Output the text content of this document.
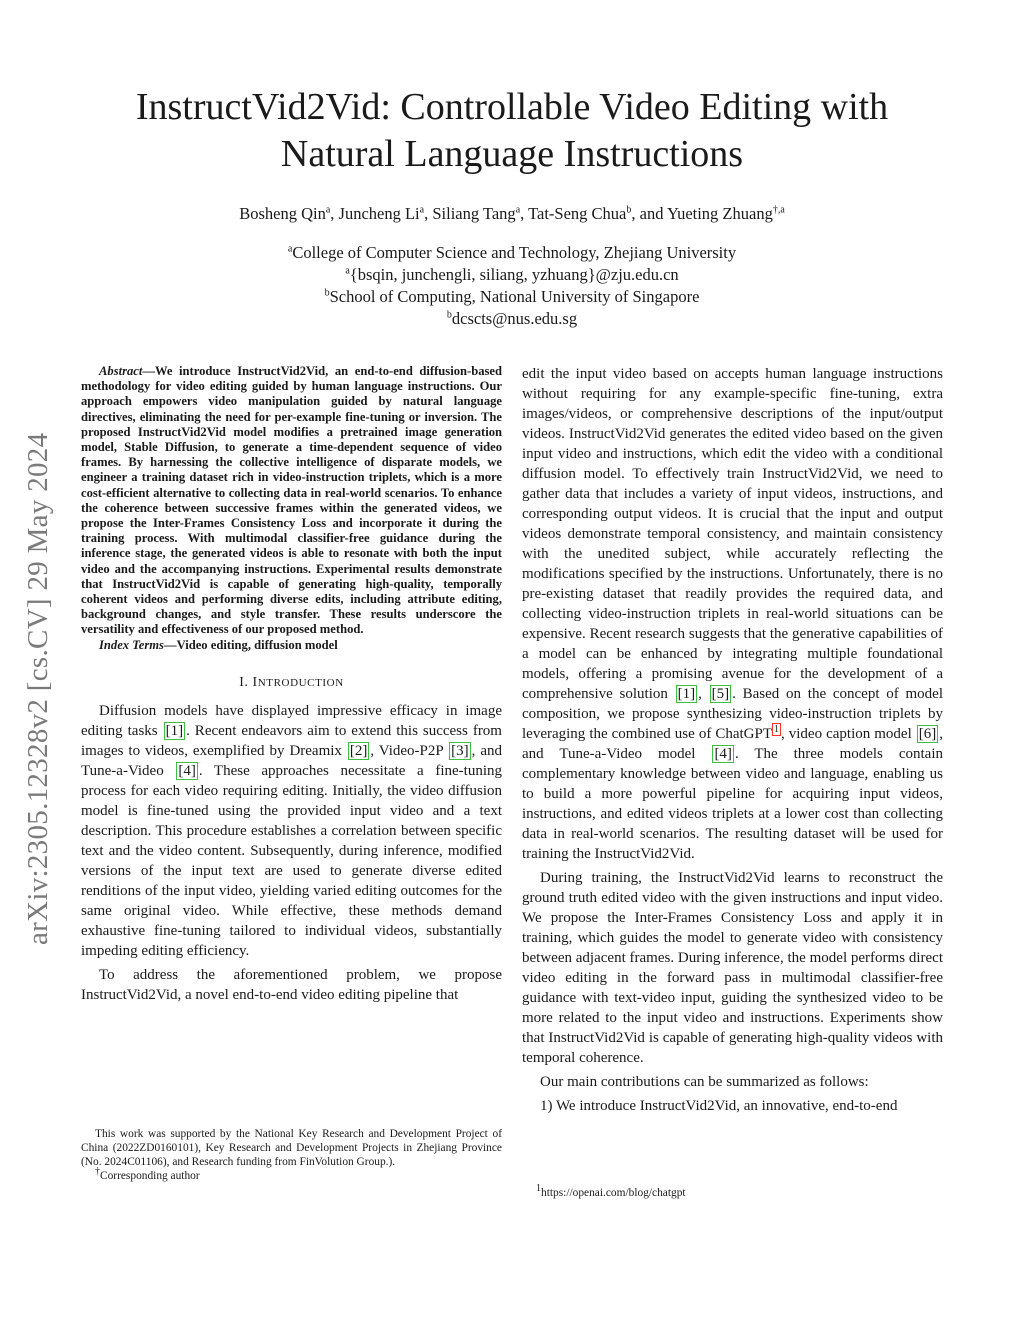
arXiv:2305.12328v2 [cs.CV] 29 May 2024
InstructVid2Vid: Controllable Video Editing with
Natural Language Instructions
Bosheng Qin$^a$, Juncheng Li$^a$, Siliang Tang$^a$, Tat-Seng Chua$^b$, and Yueting Zhuang$^{\dagger,a}$
$^a$College of Computer Science and Technology, Zhejiang University
$^a${bsqin, junchengli, siliang, yzhuang}@zju.edu.cn
$^b$School of Computing, National University of Singapore
$^b$dcscts@nus.edu.sg

Abstract—We introduce InstructVid2Vid, an end-to-end diffusion-based methodology for video editing guided by human language instructions. Our approach empowers video manipulation guided by natural language directives, eliminating the need for per-example fine-tuning or inversion. The proposed InstructVid2Vid model modifies a pretrained image generation model, Stable Diffusion, to generate a time-dependent sequence of video frames. By harnessing the collective intelligence of disparate models, we engineer a training dataset rich in video-instruction triplets, which is a more cost-efficient alternative to collecting data in real-world scenarios. To enhance the coherence between successive frames within the generated videos, we propose the Inter-Frames Consistency Loss and incorporate it during the training process. With multimodal classifier-free guidance during the inference stage, the generated videos is able to resonate with both the input video and the accompanying instructions. Experimental results demonstrate that InstructVid2Vid is capable of generating high-quality, temporally coherent videos and performing diverse edits, including attribute editing, background changes, and style transfer. These results underscore the versatility and effectiveness of our proposed method.

Index Terms—Video editing, diffusion model

I. INTRODUCTION

Diffusion models have displayed impressive efficacy in image editing tasks [1] . Recent endeavors aim to extend this success from images to videos, exemplified by Dreamix [2] , Video-P2P [3] , and Tune-a-Video [4] . These approaches necessitate a fine-tuning process for each video requiring editing. Initially, the video diffusion model is fine-tuned using the provided input video and a text description. This procedure establishes a correlation between specific text and the video content. Subsequently, during inference, modified versions of the input text are used to generate diverse edited renditions of the input video, yielding varied editing outcomes for the same original video. While effective, these methods demand exhaustive fine-tuning tailored to individual videos, substantially impeding editing efficiency.

To address the aforementioned problem, we propose InstructVid2Vid, a novel end-to-end video editing pipeline that

edit the input video based on accepts human language instructions without requiring for any example-specific fine-tuning, extra images/videos, or comprehensive descriptions of the input/output videos. InstructVid2Vid generates the edited video based on the given input video and instructions, which edit the video with a conditional diffusion model. To effectively train InstructVid2Vid, we need to gather data that includes a variety of input videos, instructions, and corresponding output videos. It is crucial that the input and output videos demonstrate temporal consistency, and maintain consistency with the unedited subject, while accurately reflecting the modifications specified by the instructions. Unfortunately, there is no pre-existing dataset that readily provides the required data, and collecting video-instruction triplets in real-world situations can be expensive. Recent research suggests that the generative capabilities of a model can be enhanced by integrating multiple foundational models, offering a promising avenue for the development of a comprehensive solution [1] , [5] . Based on the concept of model composition, we propose synthesizing video-instruction triplets by leveraging the combined use of ChatGPT $^1$ , video caption model [6] , and Tune-a-Video model [4] . The three models contain complementary knowledge between video and language, enabling us to build a more powerful pipeline for acquiring input videos, instructions, and edited videos triplets at a lower cost than collecting data in real-world scenarios. The resulting dataset will be used for training the InstructVid2Vid.

During training, the InstructVid2Vid learns to reconstruct the ground truth edited video with the given instructions and input video. We propose the Inter-Frames Consistency Loss and apply it in training, which guides the model to generate video with consistency between adjacent frames. During inference, the model performs direct video editing in the forward pass in multimodal classifier-free guidance with text-video input, guiding the synthesized video to be more related to the input video and instructions. Experiments show that InstructVid2Vid is capable of generating high-quality videos with temporal coherence.

Our main contributions can be summarized as follows:

1) We introduce InstructVid2Vid, an innovative, end-to-end

This work was supported by the National Key Research and Development Project of China (2022ZD0160101), Key Research and Development Projects in Zhejiang Province (No. 2024C01106), and Research funding from FinVolution Group.).

†Corresponding author

$^1$https://openai.com/blog/chatgpt
